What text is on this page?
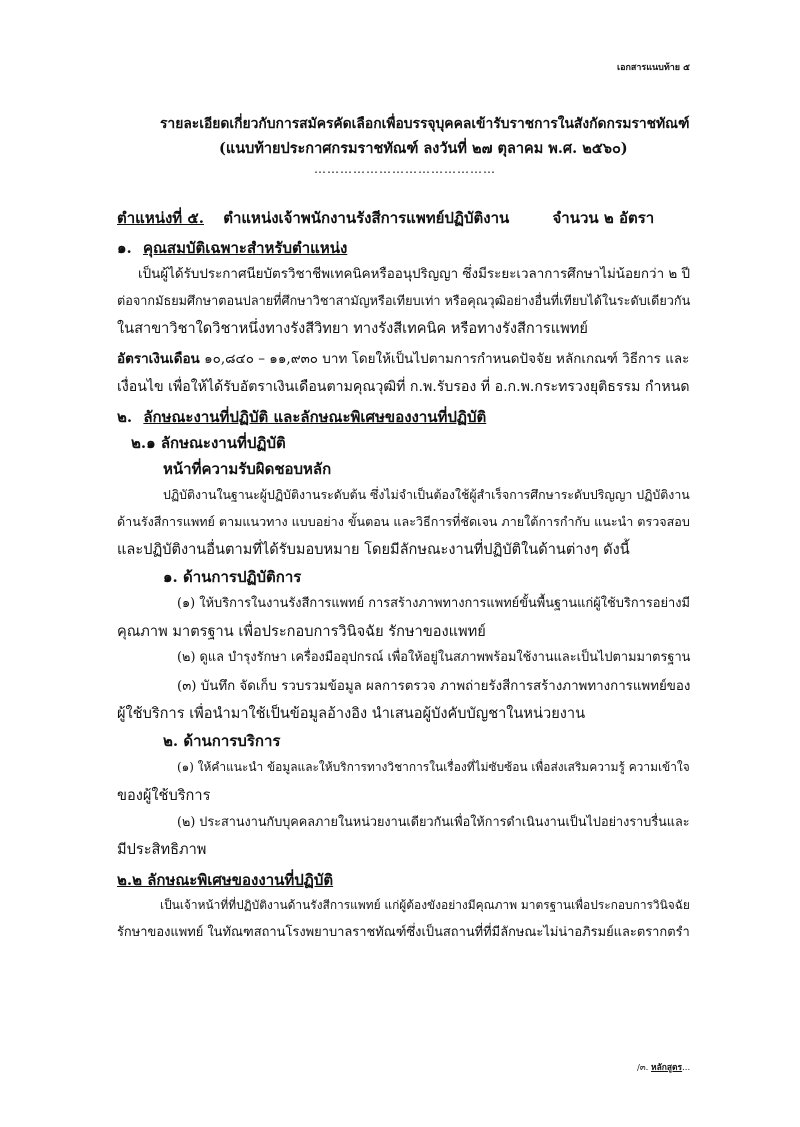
เอกสารแนบท้าย ๕
รายละเอียดเกี่ยวกับการสมัครคัดเลือกเพื่อบรรจุบุคคลเข้ารับราชการในสังกัดกรมราชทัณฑ์
(แนบท้ายประกาศกรมราชทัณฑ์ ลงวันที่ ๒๗ ตุลาคม พ.ศ. ๒๕๖๐)
……………………………………
ตำแหน่งที่ ๕. ตำแหน่งเจ้าพนักงานรังสีการแพทย์ปฏิบัติงาน	จำนวน ๒ อัตรา
๑. คุณสมบัติเฉพาะสำหรับตำแหน่ง
เป็นผู้ได้รับประกาศนียบัตรวิชาชีพเทคนิคหรืออนุปริญญา ซึ่งมีระยะเวลาการศึกษาไม่น้อยกว่า ๒ ปี
ต่อจากมัธยมศึกษาตอนปลายที่ศึกษาวิชาสามัญหรือเทียบเท่า หรือคุณวุฒิอย่างอื่นที่เทียบได้ในระดับเดียวกัน
ในสาขาวิชาใดวิชาหนึ่งทางรังสีวิทยา ทางรังสีเทคนิค หรือทางรังสีการแพทย์
อัตราเงินเดือน ๑๐,๘๔๐ – ๑๑,๙๓๐ บาท โดยให้เป็นไปตามการกำหนดปัจจัย หลักเกณฑ์ วิธีการ และ
เงื่อนไข เพื่อให้ได้รับอัตราเงินเดือนตามคุณวุฒิที่ ก.พ.รับรอง ที่ อ.ก.พ.กระทรวงยุติธรรม กำหนด
๒. ลักษณะงานที่ปฏิบัติ และลักษณะพิเศษของงานที่ปฏิบัติ
๒.๑ ลักษณะงานที่ปฏิบัติ
หน้าที่ความรับผิดชอบหลัก
ปฏิบัติงานในฐานะผู้ปฏิบัติงานระดับต้น ซึ่งไม่จำเป็นต้องใช้ผู้สำเร็จการศึกษาระดับปริญญา ปฏิบัติงาน
ด้านรังสีการแพทย์ ตามแนวทาง แบบอย่าง ขั้นตอน และวิธีการที่ชัดเจน ภายใต้การกำกับ แนะนำ ตรวจสอบ
และปฏิบัติงานอื่นตามที่ได้รับมอบหมาย โดยมีลักษณะงานที่ปฏิบัติในด้านต่างๆ ดังนี้
๑. ด้านการปฏิบัติการ
(๑) ให้บริการในงานรังสีการแพทย์ การสร้างภาพทางการแพทย์ขั้นพื้นฐานแก่ผู้ใช้บริการอย่างมี
คุณภาพ มาตรฐาน เพื่อประกอบการวินิจฉัย รักษาของแพทย์
(๒) ดูแล บำรุงรักษา เครื่องมืออุปกรณ์ เพื่อให้อยู่ในสภาพพร้อมใช้งานและเป็นไปตามมาตรฐาน
(๓) บันทึก จัดเก็บ รวบรวมข้อมูล ผลการตรวจ ภาพถ่ายรังสีการสร้างภาพทางการแพทย์ของ
ผู้ใช้บริการ เพื่อนำมาใช้เป็นข้อมูลอ้างอิง นำเสนอผู้บังคับบัญชาในหน่วยงาน
๒. ด้านการบริการ
(๑) ให้คำแนะนำ ข้อมูลและให้บริการทางวิชาการในเรื่องที่ไม่ซับซ้อน เพื่อส่งเสริมความรู้ ความเข้าใจ
ของผู้ใช้บริการ
(๒) ประสานงานกับบุคคลภายในหน่วยงานเดียวกันเพื่อให้การดำเนินงานเป็นไปอย่างราบรื่นและ
มีประสิทธิภาพ
๒.๒ ลักษณะพิเศษของงานที่ปฏิบัติ
เป็นเจ้าหน้าที่ที่ปฏิบัติงานด้านรังสีการแพทย์ แก่ผู้ต้องขังอย่างมีคุณภาพ มาตรฐานเพื่อประกอบการวินิจฉัย
รักษาของแพทย์ ในทัณฑสถานโรงพยาบาลราชทัณฑ์ซึ่งเป็นสถานที่ที่มีลักษณะไม่น่าอภิรมย์และตรากตรำ
/๓. หลักสูตร...
